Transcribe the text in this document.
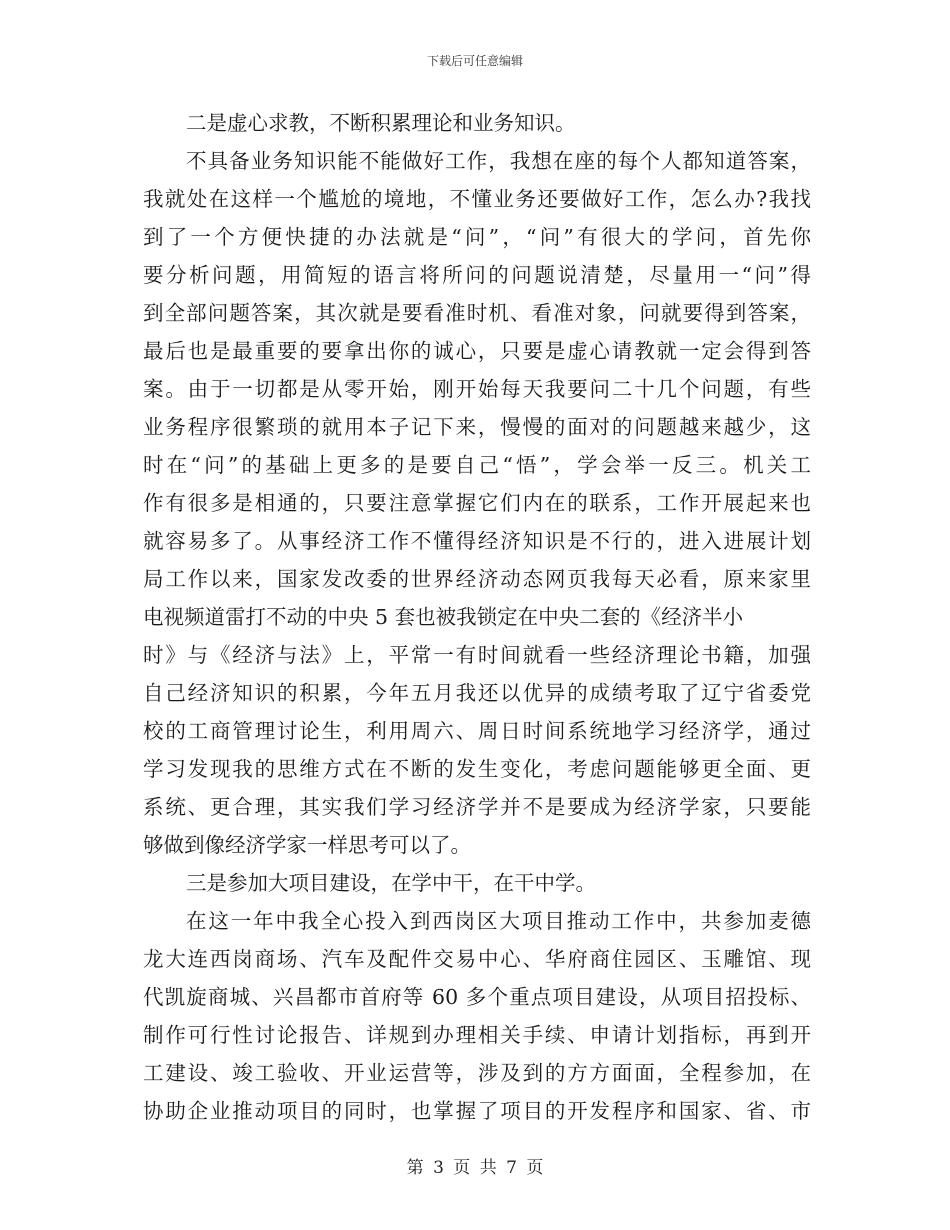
下载后可任意编辑
二是虚心求教，不断积累理论和业务知识。
不具备业务知识能不能做好工作，我想在座的每个人都知道答案，
我就处在这样一个尴尬的境地，不懂业务还要做好工作，怎么办?我找
到了一个方便快捷的办法就是“问”，“问”有很大的学问，首先你
要分析问题，用简短的语言将所问的问题说清楚，尽量用一“问”得
到全部问题答案，其次就是要看准时机、看准对象，问就要得到答案，
最后也是最重要的要拿出你的诚心，只要是虚心请教就一定会得到答
案。由于一切都是从零开始，刚开始每天我要问二十几个问题，有些
业务程序很繁琐的就用本子记下来，慢慢的面对的问题越来越少，这
时在“问”的基础上更多的是要自己“悟”，学会举一反三。机关工
作有很多是相通的，只要注意掌握它们内在的联系，工作开展起来也
就容易多了。从事经济工作不懂得经济知识是不行的，进入进展计划
局工作以来，国家发改委的世界经济动态网页我每天必看，原来家里
电视频道雷打不动的中央 5 套也被我锁定在中央二套的《经济半小
时》与《经济与法》上，平常一有时间就看一些经济理论书籍，加强
自己经济知识的积累，今年五月我还以优异的成绩考取了辽宁省委党
校的工商管理讨论生，利用周六、周日时间系统地学习经济学，通过
学习发现我的思维方式在不断的发生变化，考虑问题能够更全面、更
系统、更合理，其实我们学习经济学并不是要成为经济学家，只要能
够做到像经济学家一样思考可以了。
三是参加大项目建设，在学中干，在干中学。
在这一年中我全心投入到西岗区大项目推动工作中，共参加麦德
龙大连西岗商场、汽车及配件交易中心、华府商住园区、玉雕馆、现
代凯旋商城、兴昌都市首府等 60 多个重点项目建设，从项目招投标、
制作可行性讨论报告、详规到办理相关手续、申请计划指标，再到开
工建设、竣工验收、开业运营等，涉及到的方方面面，全程参加，在
协助企业推动项目的同时，也掌握了项目的开发程序和国家、省、市
第 3 页 共 7 页
